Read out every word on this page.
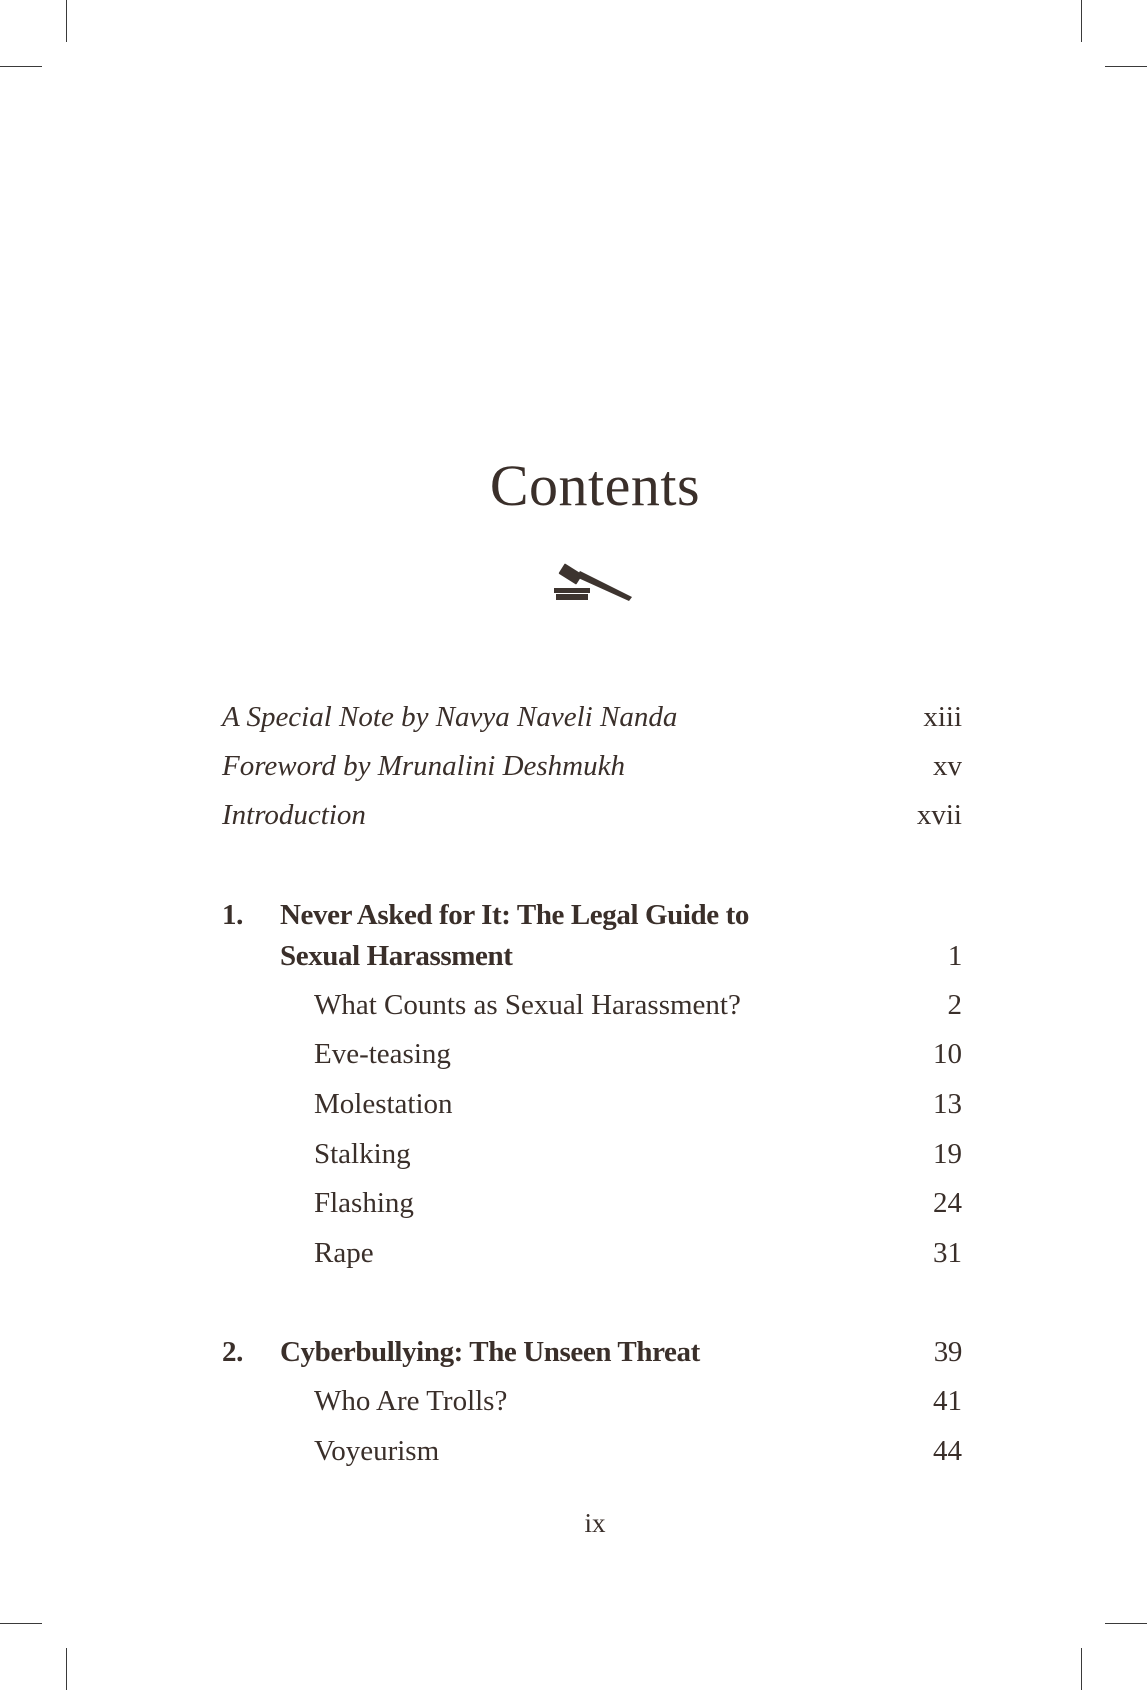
Contents
A Special Note by Navya Naveli Nanda	xiii
Foreword by Mrunalini Deshmukh	xv
Introduction	xvii
1. Never Asked for It: The Legal Guide to
Sexual Harassment	1
What Counts as Sexual Harassment?	2
Eve-teasing	10
Molestation	13
Stalking	19
Flashing	24
Rape	31
2. Cyberbullying: The Unseen Threat	39
Who Are Trolls?	41
Voyeurism	44
ix
